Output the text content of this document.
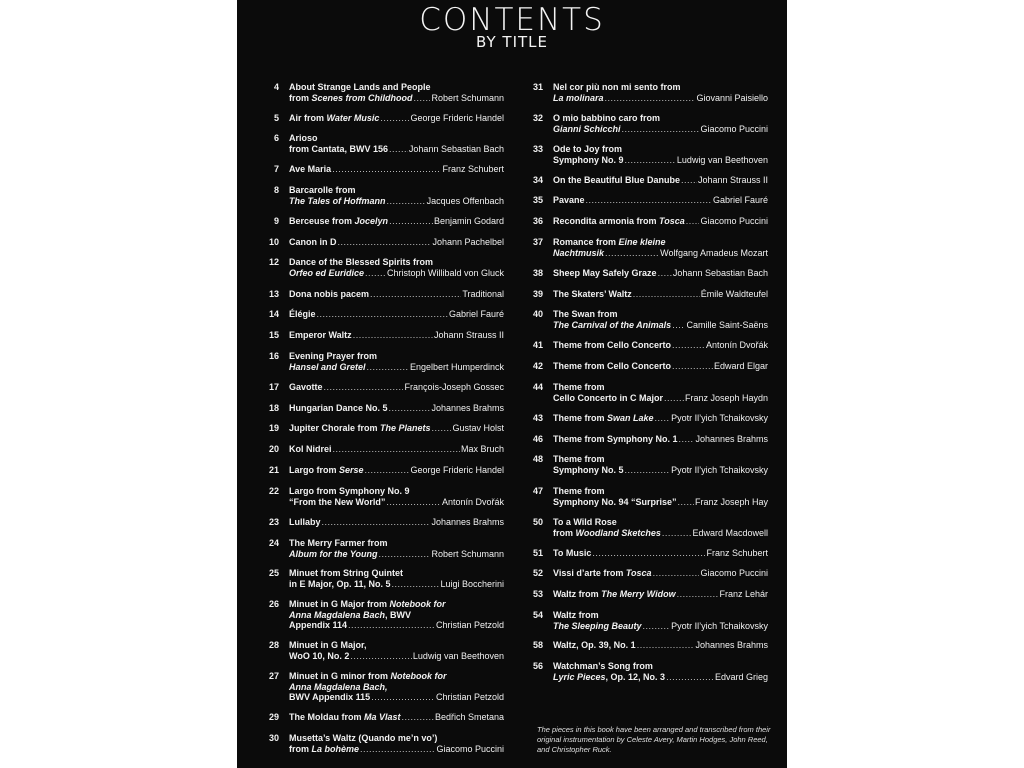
CONTENTS
BY TITLE
4 About Strange Lands and People
from Scenes from Childhood ..... Robert Schumann
5 Air from Water Music .....	George Frideric Handel
6 Arioso
from Cantata, BWV 156 ..... Johann Sebastian Bach
7 Ave Maria .....	Franz Schubert
8 Barcarolle from
The Tales of Hoffmann .....	Jacques Offenbach
9 Berceuse from Jocelyn .....	Benjamin Godard
10 Canon in D .....	Johann Pachelbel
12 Dance of the Blessed Spirits from
Orfeo ed Euridice .....	Christoph Willibald von Gluck
13 Dona nobis pacem .....	Traditional
14 Élégie .....	Gabriel Fauré
15 Emperor Waltz .....	Johann Strauss II
16 Evening Prayer from
Hansel and Gretel .....	Engelbert Humperdinck
17 Gavotte .....	François-Joseph Gossec
18 Hungarian Dance No. 5 .....	Johannes Brahms
19 Jupiter Chorale from The Planets ..... Gustav Holst
20 Kol Nidrei .....	Max Bruch
21 Largo from Serse .....	George Frideric Handel
22 Largo from Symphony No. 9
“From the New World” .....	Antonín Dvořák
23 Lullaby .....	Johannes Brahms
24 The Merry Farmer from
Album for the Young .....	Robert Schumann
25 Minuet from String Quintet
in E Major, Op. 11, No. 5 .....	Luigi Boccherini
26 Minuet in G Major from Notebook for
Anna Magdalena Bach, BWV
Appendix 114 .....	Christian Petzold
28 Minuet in G Major,
WoO 10, No. 2 .....	Ludwig van Beethoven
27 Minuet in G minor from Notebook for
Anna Magdalena Bach,
BWV Appendix 115 .....	Christian Petzold
29 The Moldau from Ma Vlast .....	Bedřich Smetana
30 Musetta’s Waltz (Quando me’n vo’)
from La bohème .....	Giacomo Puccini
31 Nel cor più non mi sento from
La molinara .....	Giovanni Paisiello
32 O mio babbino caro from
Gianni Schicchi .....	Giacomo Puccini
33 Ode to Joy from
Symphony No. 9 .....	Ludwig van Beethoven
34 On the Beautiful Blue Danube ..... Johann Strauss II
35 Pavane .....	Gabriel Fauré
36 Recondita armonia from Tosca ..... Giacomo Puccini
37 Romance from Eine kleine
Nachtmusik .....	Wolfgang Amadeus Mozart
38 Sheep May Safely Graze ..... Johann Sebastian Bach
39 The Skaters’ Waltz .....	Émile Waldteufel
40 The Swan from
The Carnival of the Animals ..... Camille Saint-Saëns
41 Theme from Cello Concerto .....	Antonín Dvořák
42 Theme from Cello Concerto .....	Edward Elgar
44 Theme from
Cello Concerto in C Major ..... Franz Joseph Haydn
43 Theme from Swan Lake ..... Pyotr Il’yich Tchaikovsky
46 Theme from Symphony No. 1 ..... Johannes Brahms
48 Theme from
Symphony No. 5 .....	Pyotr Il’yich Tchaikovsky
47 Theme from
Symphony No. 94 “Surprise” ..... Franz Joseph Hay
50 To a Wild Rose
from Woodland Sketches .....	Edward Macdowell
51 To Music .....	Franz Schubert
52 Vissi d’arte from Tosca .....	Giacomo Puccini
53 Waltz from The Merry Widow .....	Franz Lehár
54 Waltz from
The Sleeping Beauty .....	Pyotr Il’yich Tchaikovsky
58 Waltz, Op. 39, No. 1 .....	Johannes Brahms
56 Watchman’s Song from
Lyric Pieces, Op. 12, No. 3 .....	Edvard Grieg
The pieces in this book have been arranged and transcribed from their original instrumentation by Celeste Avery, Martin Hodges, John Reed, and Christopher Ruck.
